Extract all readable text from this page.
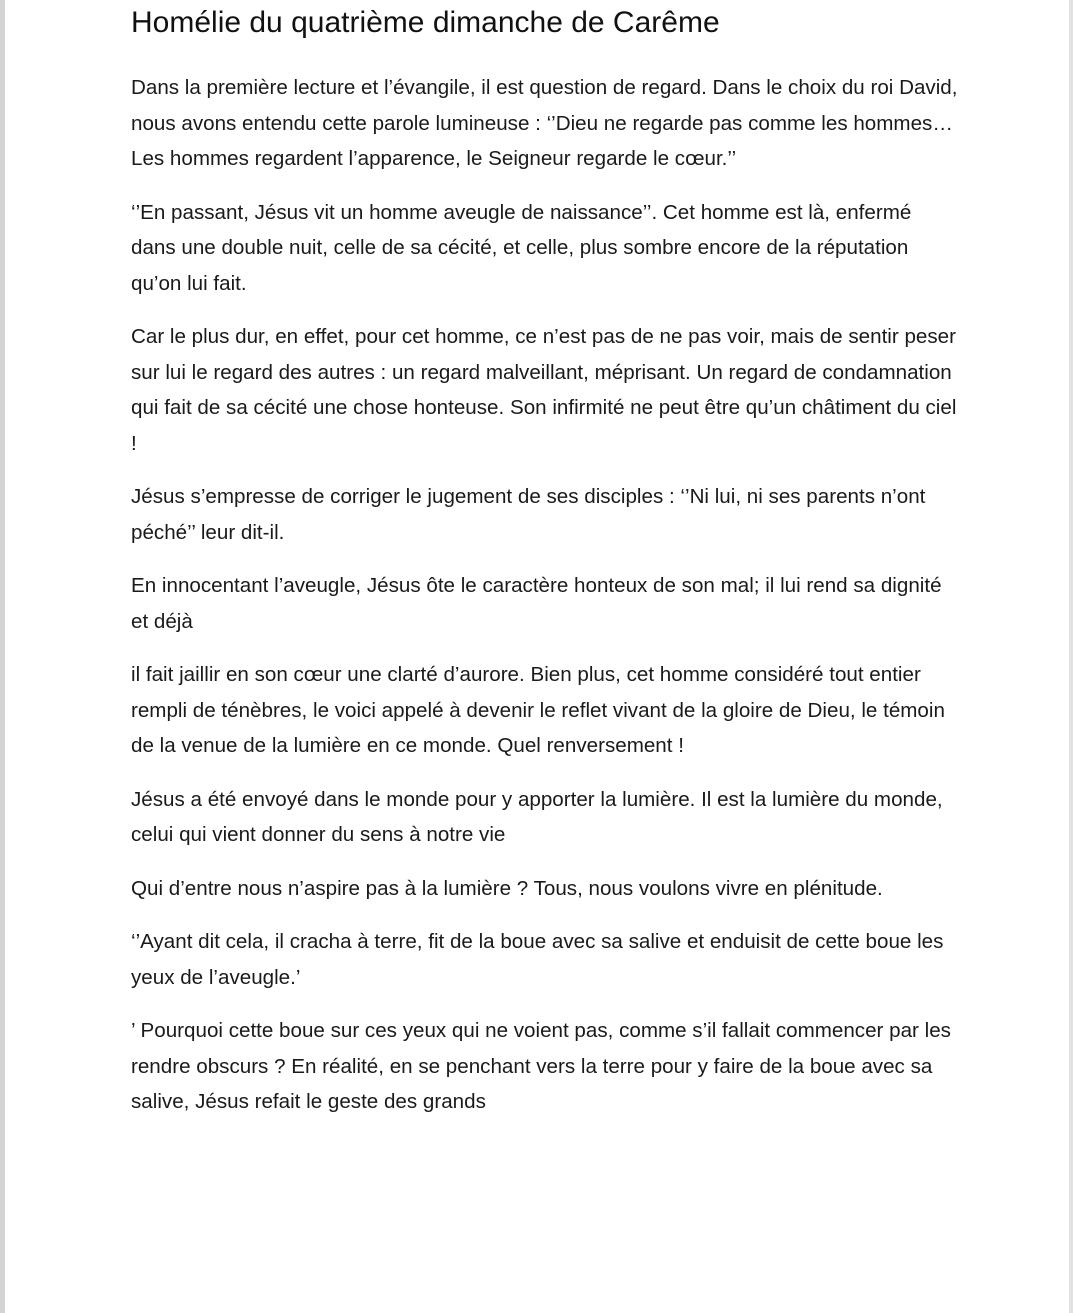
Homélie du quatrième dimanche de Carême

Dans la première lecture et l’évangile, il est question de regard. Dans le choix du roi David, nous avons entendu cette parole lumineuse : ‘’Dieu ne regarde pas comme les hommes… Les hommes regardent l’apparence, le Seigneur regarde le cœur.’’

‘’En passant, Jésus vit un homme aveugle de naissance’’. Cet homme est là, enfermé dans une double nuit, celle de sa cécité, et celle, plus sombre encore de la réputation qu’on lui fait.

Car le plus dur, en effet, pour cet homme, ce n’est pas de ne pas voir, mais de sentir peser sur lui le regard des autres : un regard malveillant, méprisant. Un regard de condamnation qui fait de sa cécité une chose honteuse. Son infirmité ne peut être qu’un châtiment du ciel !

Jésus s’empresse de corriger le jugement de ses disciples : ‘’Ni lui, ni ses parents n’ont péché’’ leur dit-il.

En innocentant l’aveugle, Jésus ôte le caractère honteux de son mal; il lui rend sa dignité et déjà

il fait jaillir en son cœur une clarté d’aurore. Bien plus, cet homme considéré tout entier rempli de ténèbres, le voici appelé à devenir le reflet vivant de la gloire de Dieu, le témoin de la venue de la lumière en ce monde. Quel renversement !

Jésus a été envoyé dans le monde pour y apporter la lumière. Il est la lumière du monde, celui qui vient donner du sens à notre vie

Qui d’entre nous n’aspire pas à la lumière ? Tous, nous voulons vivre en plénitude.

‘’Ayant dit cela, il cracha à terre, fit de la boue avec sa salive et enduisit de cette boue les yeux de l’aveugle.’

’ Pourquoi cette boue sur ces yeux qui ne voient pas, comme s’il fallait commencer par les rendre obscurs ? En réalité, en se penchant vers la terre pour y faire de la boue avec sa salive, Jésus refait le geste des grands
